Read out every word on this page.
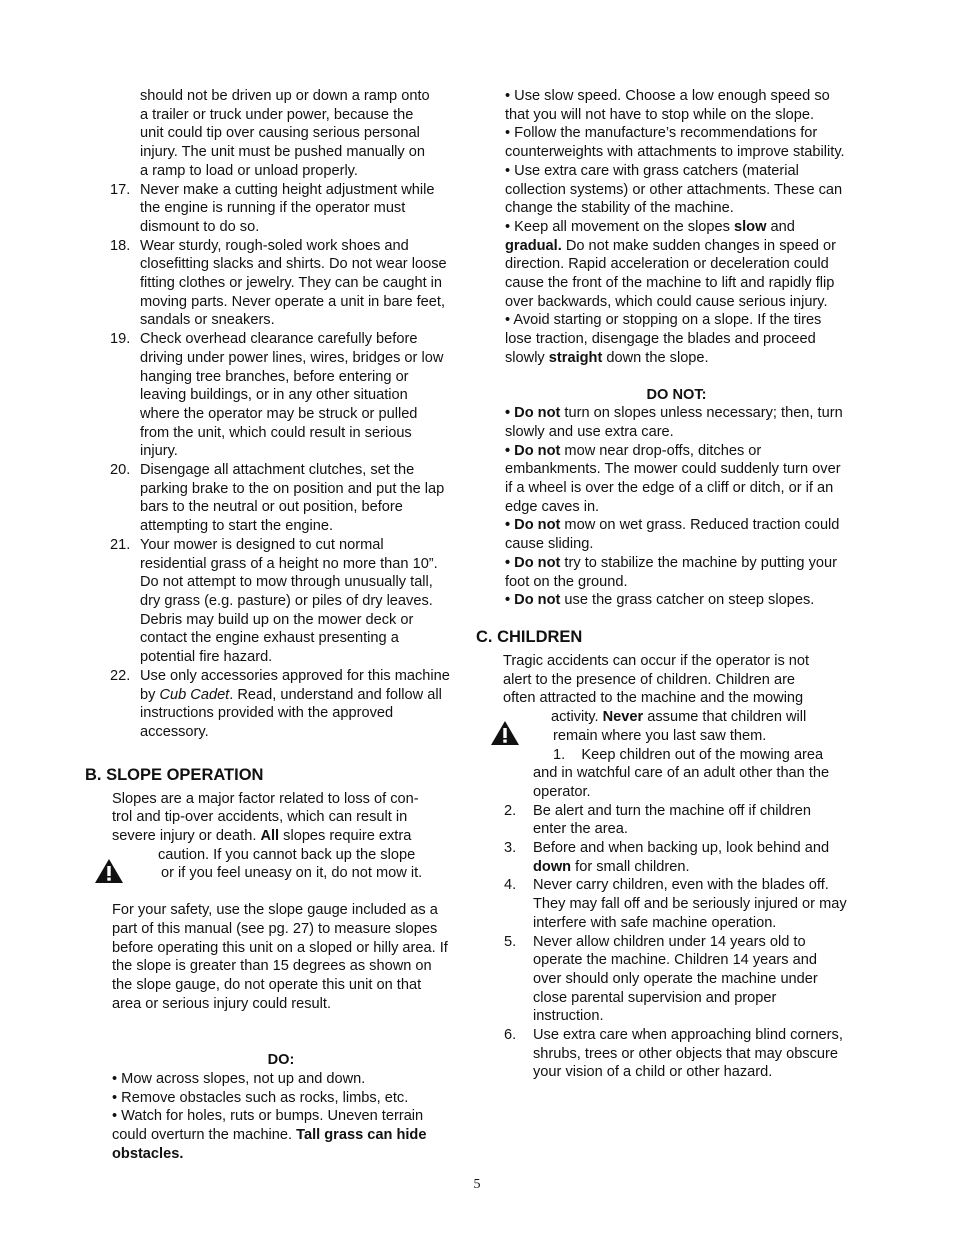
should not be driven up or down a ramp onto

a trailer or truck under power, because the

unit could tip over causing serious personal

injury. The unit must be pushed manually on

a ramp to load or unload properly.

17. Never make a cutting height adjustment while the engine is running if the operator must dismount to do so.
18. Wear sturdy, rough-soled work shoes and closefitting slacks and shirts. Do not wear loose fitting clothes or jewelry. They can be caught in moving parts. Never operate a unit in bare feet, sandals or sneakers.
19. Check overhead clearance carefully before driving under power lines, wires, bridges or low hanging tree branches, before entering or leaving buildings, or in any other situation where the operator may be struck or pulled from the unit, which could result in serious injury.
20. Disengage all attachment clutches, set the parking brake to the on position and put the lap bars to the neutral or out position, before attempting to start the engine.
21. Your mower is designed to cut normal residential grass of a height no more than 10”. Do not attempt to mow through unusually tall, dry grass (e.g. pasture) or piles of dry leaves. Debris may build up on the mower deck or contact the engine exhaust presenting a potential fire hazard.
22. Use only accessories approved for this machine by Cub Cadet. Read, understand and follow all instructions provided with the approved accessory.
B. SLOPE OPERATION

Slopes are a major factor related to loss of con-

trol and tip-over accidents, which can result in

severe injury or death. All slopes require extra

caution. If you cannot back up the slope

or if you feel uneasy on it, do not mow it.

For your safety, use the slope gauge included as a part of this manual (see pg. 27) to measure slopes before operating this unit on a sloped or hilly area. If the slope is greater than 15 degrees as shown on the slope gauge, do not operate this unit on that area or serious injury could result.

DO:

• Mow across slopes, not up and down.

• Remove obstacles such as rocks, limbs, etc.

• Watch for holes, ruts or bumps. Uneven terrain could overturn the machine. Tall grass can hide obstacles.

• Use slow speed. Choose a low enough speed so that you will not have to stop while on the slope.

• Follow the manufacture’s recommendations for counterweights with attachments to improve stability.

• Use extra care with grass catchers (material collection systems) or other attachments. These can change the stability of the machine.

• Keep all movement on the slopes slow and gradual. Do not make sudden changes in speed or direction. Rapid acceleration or deceleration could cause the front of the machine to lift and rapidly flip over backwards, which could cause serious injury.

• Avoid starting or stopping on a slope. If the tires lose traction, disengage the blades and proceed slowly straight down the slope.

DO NOT:

• Do not turn on slopes unless necessary; then, turn slowly and use extra care.

• Do not mow near drop-offs, ditches or embankments. The mower could suddenly turn over if a wheel is over the edge of a cliff or ditch, or if an edge caves in.

• Do not mow on wet grass. Reduced traction could cause sliding.

• Do not try to stabilize the machine by putting your foot on the ground.

• Do not use the grass catcher on steep slopes.

C. CHILDREN

Tragic accidents can occur if the operator is not

alert to the presence of children. Children are

often attracted to the machine and the mowing

activity. Never assume that children will

remain where you last saw them.

1. Keep children out of the mowing area

and in watchful care of an adult other than the operator.

2.	Be alert and turn the machine off if children enter the area.
3.	Before and when backing up, look behind and down for small children.
4.	Never carry children, even with the blades off. They may fall off and be seriously injured or may interfere with safe machine operation.
5.	Never allow children under 14 years old to operate the machine. Children 14 years and over should only operate the machine under close parental supervision and proper instruction.
6.	Use extra care when approaching blind corners, shrubs, trees or other objects that may obscure your vision of a child or other hazard.
5
